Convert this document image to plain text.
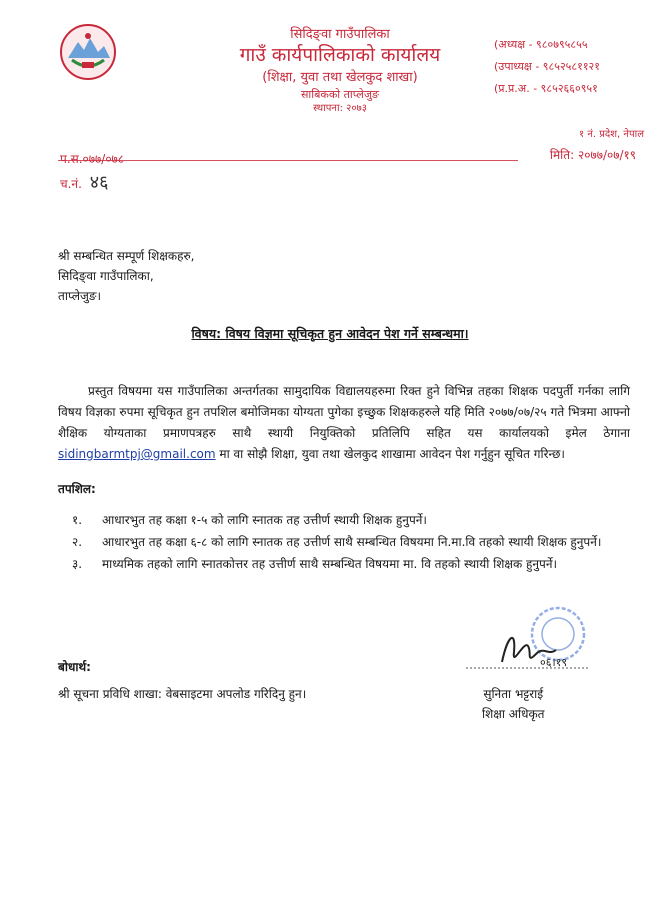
सिदिङ्वा गाउँपालिका
गाउँ कार्यपालिकाको कार्यालय
(शिक्षा, युवा तथा खेलकुद शाखा)
साबिकको ताप्लेजुङ
स्थापना: २०७३
(अध्यक्ष - ९८०७९५८५५
(उपाध्यक्ष - ९८५२५८११२१
(प्र.प्र.अ. - ९८५२६६०९५१
१ नं. प्रदेश, नेपाल
प.स.०७७/०७८	मिति: २०७७/०७/१९
च.नं. ४६
श्री सम्बन्धित सम्पूर्ण शिक्षकहरु,
सिदिङ्वा गाउँपालिका,
ताप्लेजुङ।
विषय: विषय विज्ञमा सूचिकृत हुन आवेदन पेश गर्ने सम्बन्धमा।
प्रस्तुत विषयमा यस गाउँपालिका अन्तर्गतका सामुदायिक विद्यालयहरुमा रिक्त हुने विभिन्न तहका शिक्षक पदपुर्ती गर्नका लागि विषय विज्ञका रुपमा सूचिकृत हुन तपशिल बमोजिमका योग्यता पुगेका इच्छुक शिक्षकहरुले यहि मिति २०७७/०७/२५ गते भित्रमा आफ्नो शैक्षिक योग्यताका प्रमाणपत्रहरु साथै स्थायी नियुक्तिको प्रतिलिपि सहित यस कार्यालयको इमेल ठेगाना sidingbarmtpj@gmail.com मा वा सोझै शिक्षा, युवा तथा खेलकुद शाखामा आवेदन पेश गर्नुहुन सूचित गरिन्छ।
तपशिल:
१. आधारभुत तह कक्षा १-५ को लागि स्नातक तह उत्तीर्ण स्थायी शिक्षक हुनुपर्ने।
२. आधारभुत तह कक्षा ६-८ को लागि स्नातक तह उत्तीर्ण साथै सम्बन्धित विषयमा नि.मा.वि तहको स्थायी शिक्षक हुनुपर्ने।
३. माध्यमिक तहको लागि स्नातकोत्तर तह उत्तीर्ण साथै सम्बन्धित विषयमा मा. वि तहको स्थायी शिक्षक हुनुपर्ने।
०६।१९
सुनिता भट्टराई
शिक्षा अधिकृत
बोधार्थ:
श्री सूचना प्रविधि शाखा: वेबसाइटमा अपलोड गरिदिनु हुन।
